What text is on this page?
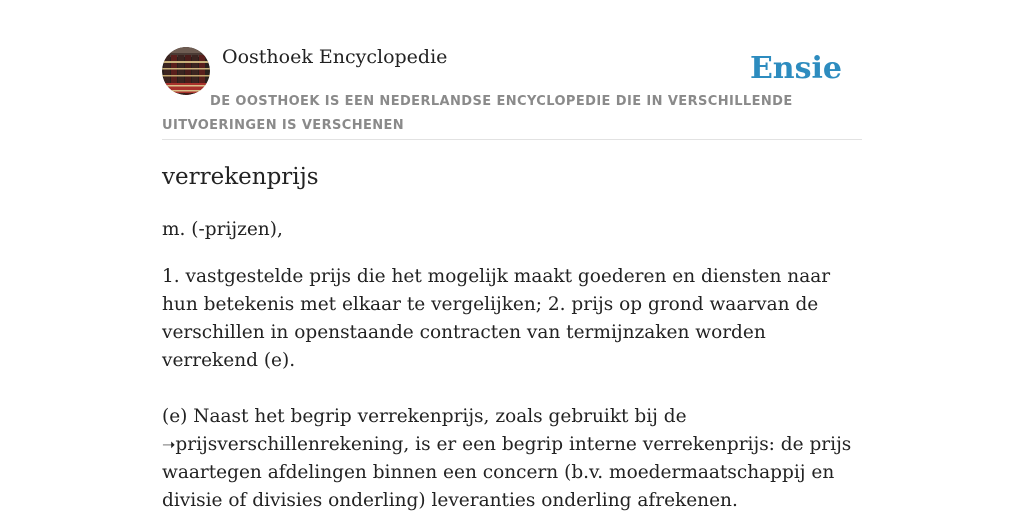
Oosthoek Encyclopedie	Ensie
DE OOSTHOEK IS EEN NEDERLANDSE ENCYCLOPEDIE DIE IN VERSCHILLENDE UITVOERINGEN IS VERSCHENEN
verrekenprijs

m. (-prijzen),

1. vastgestelde prijs die het mogelijk maakt goederen en diensten naar hun betekenis met elkaar te vergelijken; 2. prijs op grond waarvan de verschillen in openstaande contracten van termijnzaken worden verrekend (e).

(e) Naast het begrip verrekenprijs, zoals gebruikt bij de
➝prijsverschillenrekening, is er een begrip interne verrekenprijs: de prijs waartegen afdelingen binnen een concern (b.v. moedermaatschappij en divisie of divisies onderling) leveranties onderling afrekenen.
